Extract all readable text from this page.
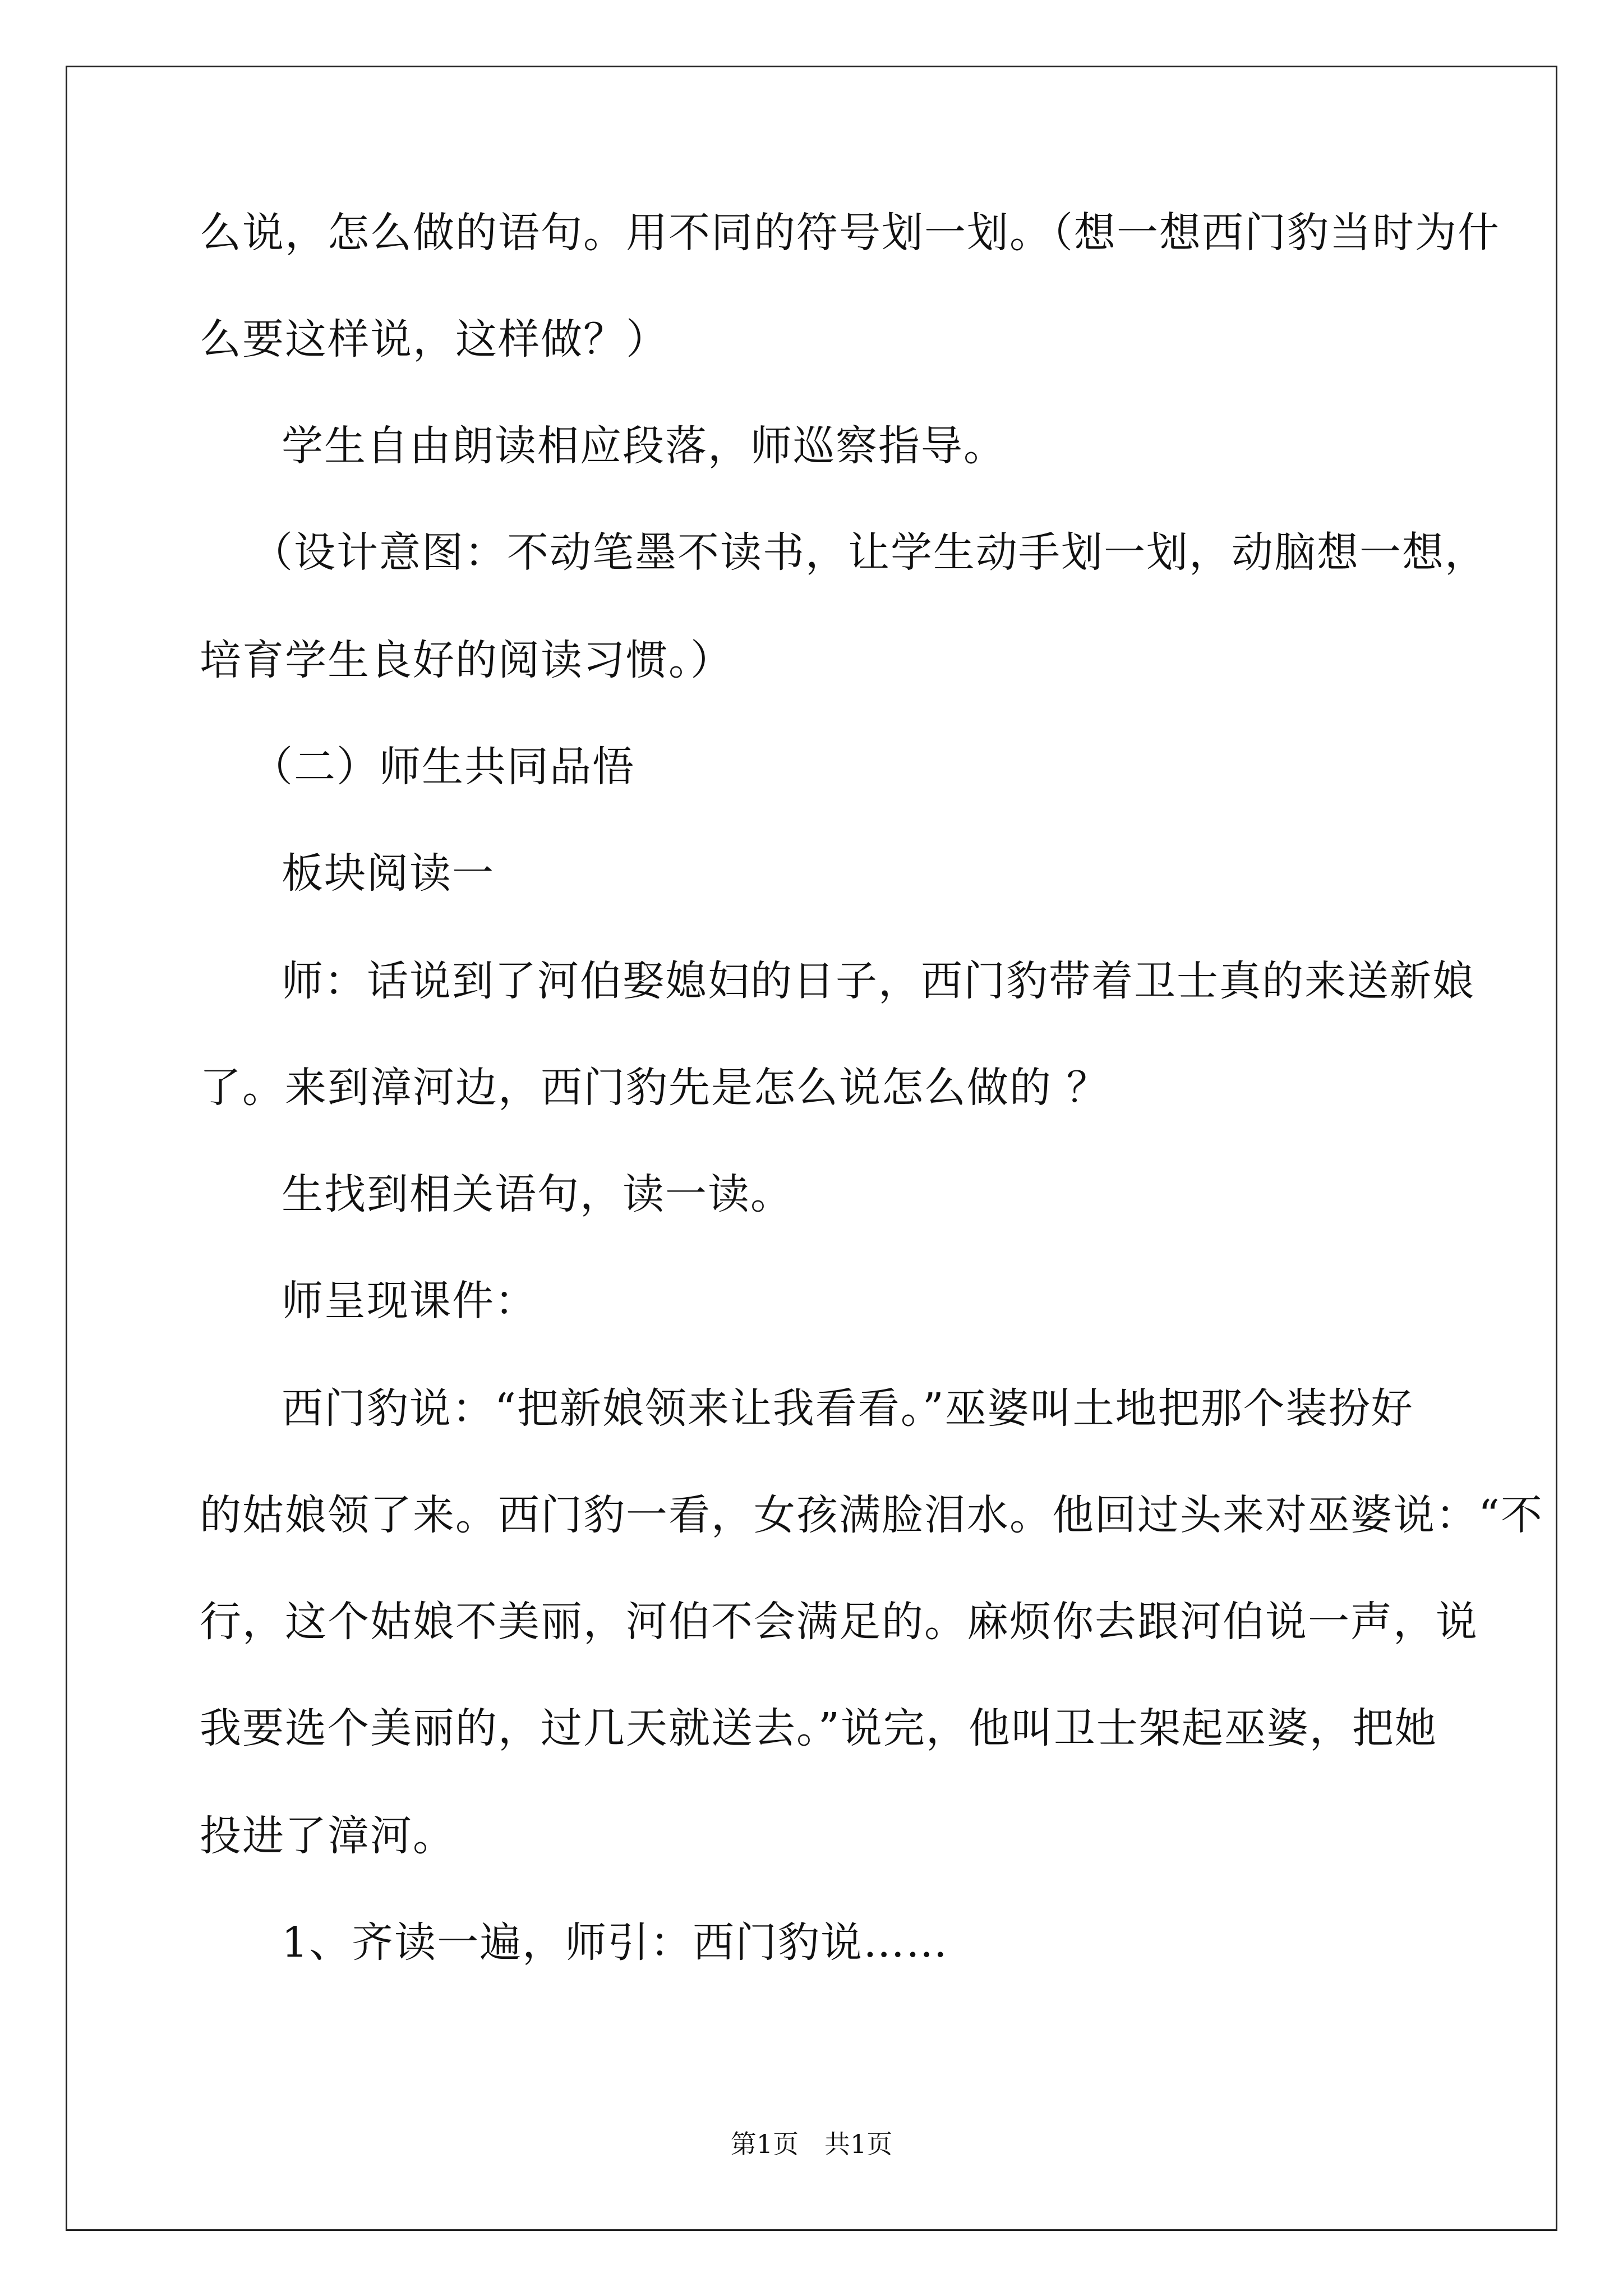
么说，怎么做的语句。用不同的符号划一划。（想一想西门豹当时为什
么要这样说，这样做？）
学生自由朗读相应段落，师巡察指导。
（设计意图：不动笔墨不读书，让学生动手划一划，动脑想一想，
培育学生良好的阅读习惯。）
（二）师生共同品悟
板块阅读一
师：话说到了河伯娶媳妇的日子，西门豹带着卫士真的来送新娘
了。来到漳河边，西门豹先是怎么说怎么做的 ？
生找到相关语句，读一读。
师呈现课件：
西门豹说：“把新娘领来让我看看。”巫婆叫土地把那个装扮好
的姑娘领了来。西门豹一看，女孩满脸泪水。他回过头来对巫婆说：“不
行，这个姑娘不美丽，河伯不会满足的。麻烦你去跟河伯说一声，说
我要选个美丽的，过几天就送去。”说完，他叫卫士架起巫婆，把她
投进了漳河。
1、齐读一遍，师引：西门豹说……
第1页　共1页
